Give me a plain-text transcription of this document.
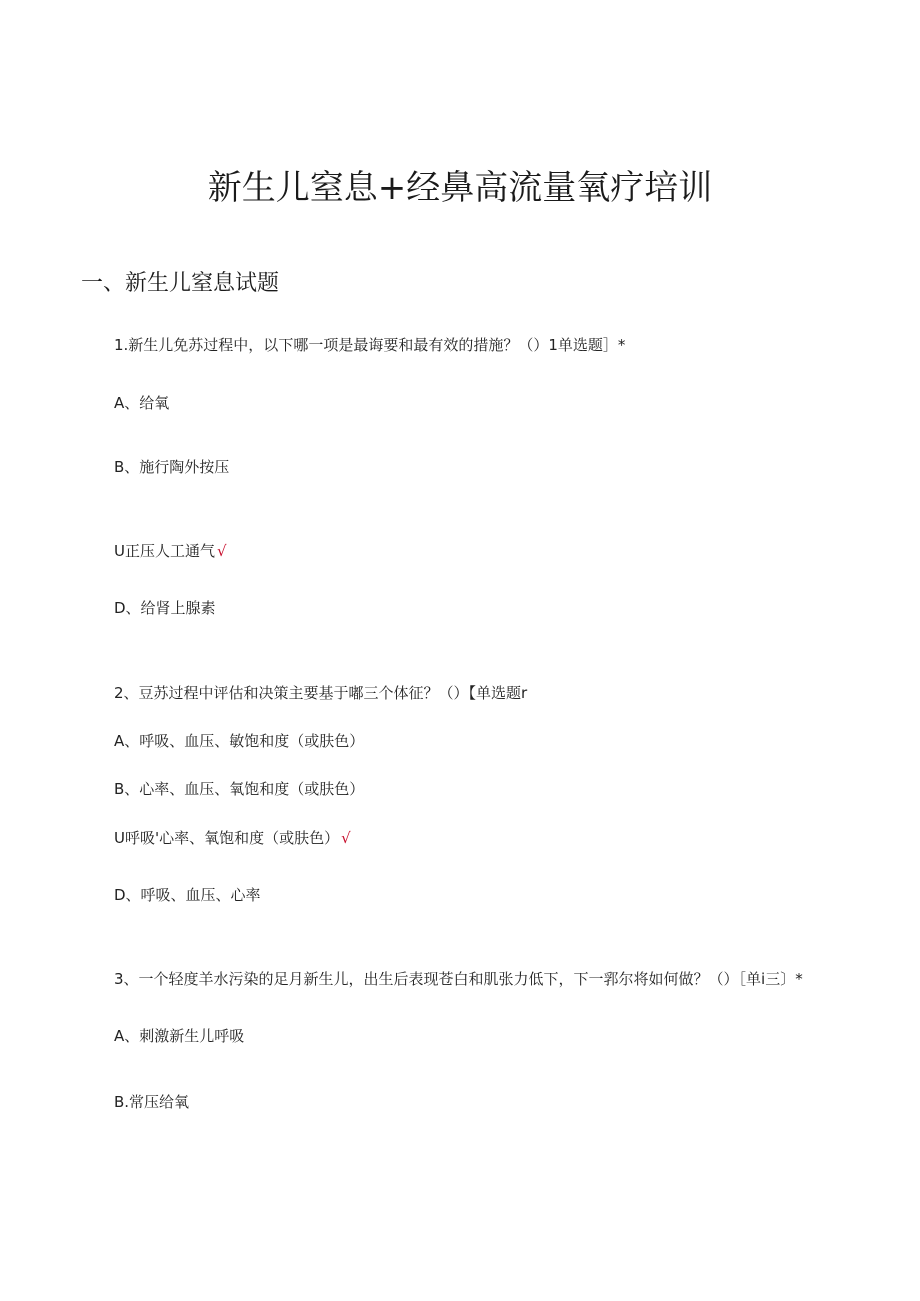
新生儿窒息+经鼻高流量氧疗培训
一、新生儿窒息试题
1.新生儿免苏过程中，以下哪一项是最诲要和最有效的措施？（）1单选题］*
A、给氧
B、施行陶外按压
U正压人工通气 √
D、给肾上腺素
2、豆苏过程中评估和决策主要基于嘟三个体征？（）【单选题r
A、呼吸、血压、敏饱和度（或肤色）
B、心率、血压、氧饱和度（或肤色）
U呼吸'心率、氧饱和度（或肤色） √
D、呼吸、血压、心率
3、一个轻度羊水污染的足月新生儿，出生后表现苍白和肌张力低下，下一郛尔将如何做？（）［单i三〕*
A、刺激新生儿呼吸
B.常压给氧
